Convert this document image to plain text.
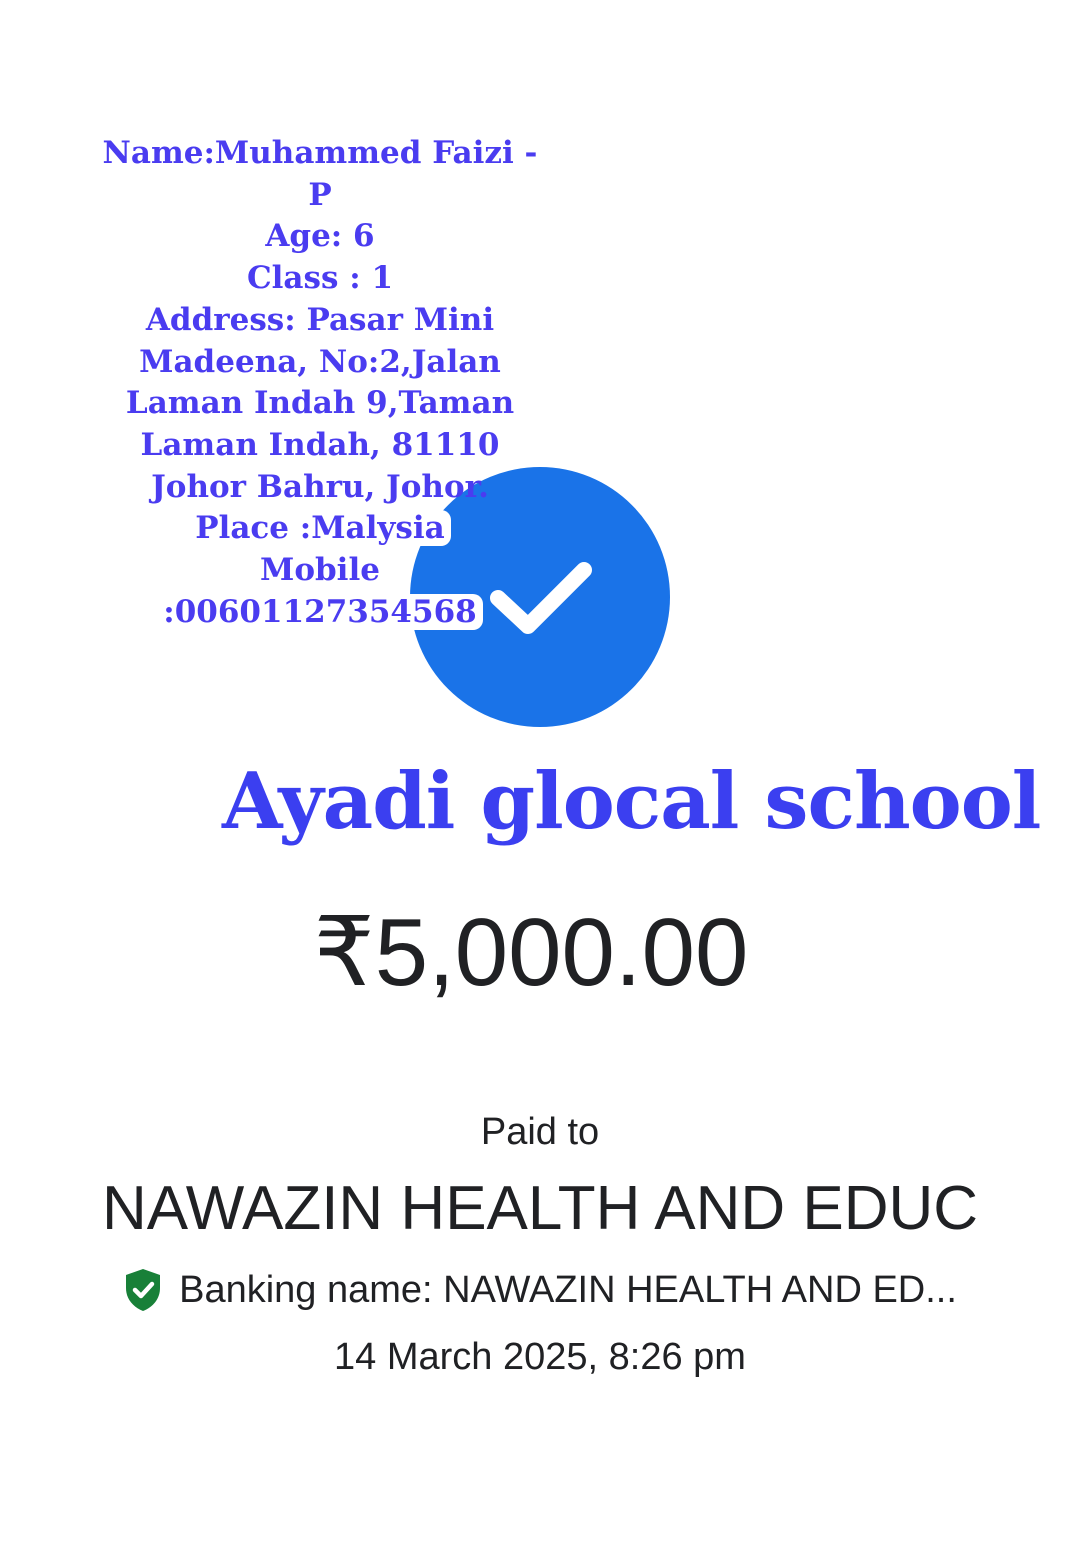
Name:Muhammed Faizi -
P
Age: 6
Class : 1
Address: Pasar Mini
Madeena, No:2,Jalan
Laman Indah 9,Taman
Laman Indah, 81110
Johor Bahru, Johor.
Place :Malysia
Mobile
:00601127354568
Ayadi glocal school
₹5,000.00
Paid to
NAWAZIN HEALTH AND EDUC
Banking name: NAWAZIN HEALTH AND ED...
14 March 2025, 8:26 pm
